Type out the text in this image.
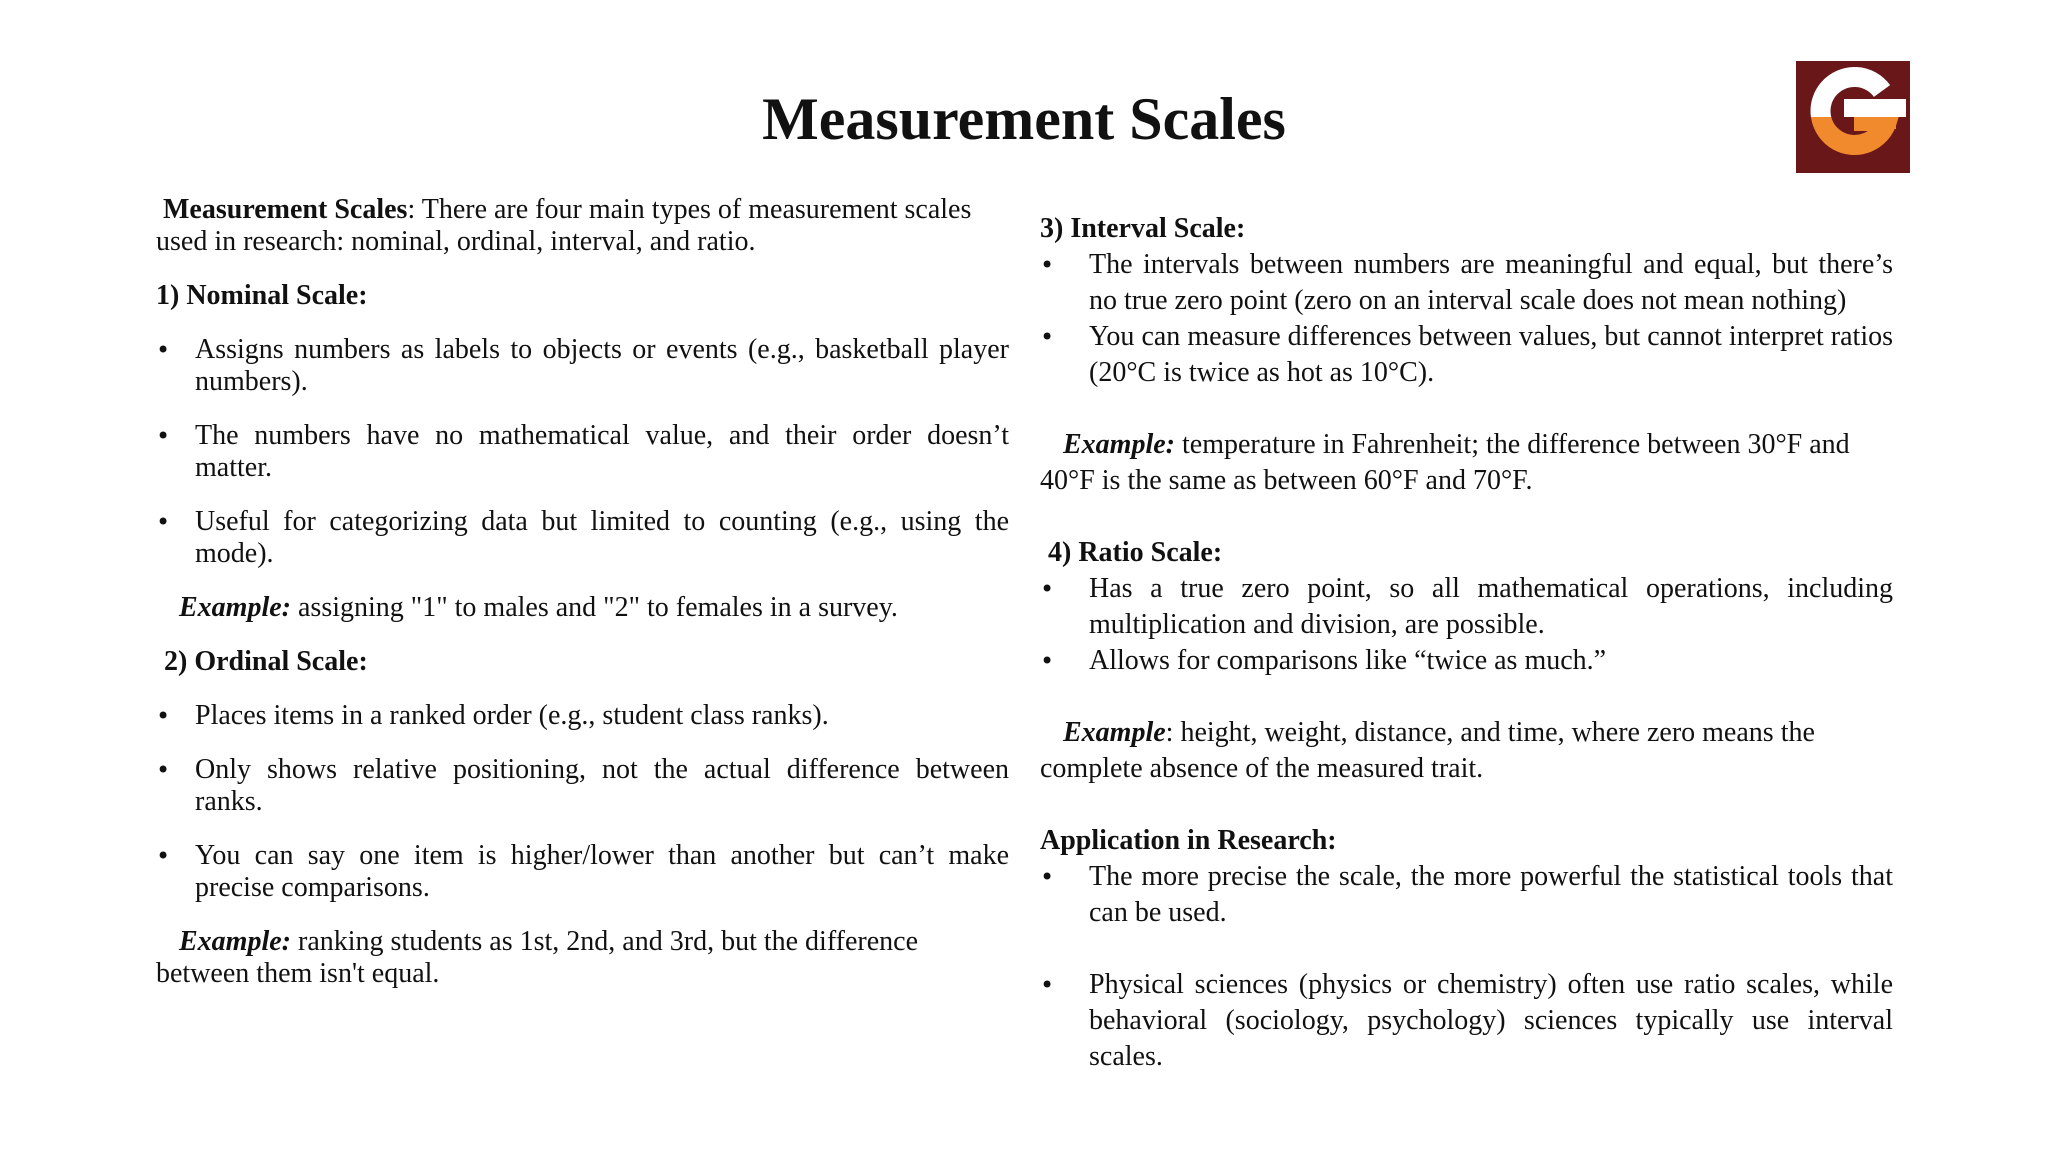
Measurement Scales

Measurement Scales: There are four main types of measurement scales used in research: nominal, ordinal, interval, and ratio.

1) Nominal Scale:

• Assigns numbers as labels to objects or events (e.g., basketball player numbers).
• The numbers have no mathematical value, and their order doesn’t matter.
• Useful for categorizing data but limited to counting (e.g., using the mode).

Example: assigning "1" to males and "2" to females in a survey.

2) Ordinal Scale:

• Places items in a ranked order (e.g., student class ranks).
• Only shows relative positioning, not the actual difference between ranks.
• You can say one item is higher/lower than another but can’t make precise comparisons.

Example: ranking students as 1st, 2nd, and 3rd, but the difference between them isn't equal.

3) Interval Scale:

• The intervals between numbers are meaningful and equal, but there’s no true zero point (zero on an interval scale does not mean nothing)
• You can measure differences between values, but cannot interpret ratios (20°C is twice as hot as 10°C).

Example: temperature in Fahrenheit; the difference between 30°F and 40°F is the same as between 60°F and 70°F.

4) Ratio Scale:

• Has a true zero point, so all mathematical operations, including multiplication and division, are possible.
• Allows for comparisons like “twice as much.”

Example: height, weight, distance, and time, where zero means the complete absence of the measured trait.

Application in Research:

• The more precise the scale, the more powerful the statistical tools that can be used.
• Physical sciences (physics or chemistry) often use ratio scales, while behavioral (sociology, psychology) sciences typically use interval scales.
